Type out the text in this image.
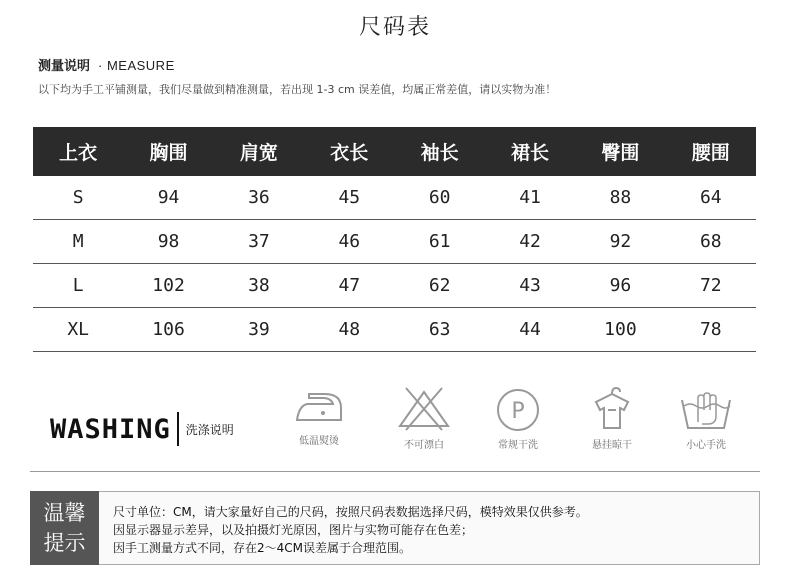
尺码表
测量说明 · MEASURE
以下均为手工平铺测量，我们尽量做到精准测量，若出现 1-3 cm 误差值，均属正常差值，请以实物为准！
上衣	胸围	肩宽	衣长	袖长	裙长	臀围	腰围
S	94	36	45	60	41	88	64
M	98	37	46	61	42	92	68
L	102	38	47	62	43	96	72
XL	106	39	48	63	44	100	78
WASHING 洗涤说明
低温熨烫	不可漂白
P
常规干洗	悬挂晾干	小心手洗
温馨
提示
尺寸单位：CM，请大家量好自己的尺码，按照尺码表数据选择尺码，模特效果仅供参考。
因显示器显示差异，以及拍摄灯光原因，图片与实物可能存在色差；
因手工测量方式不同，存在2～4CM误差属于合理范围。
